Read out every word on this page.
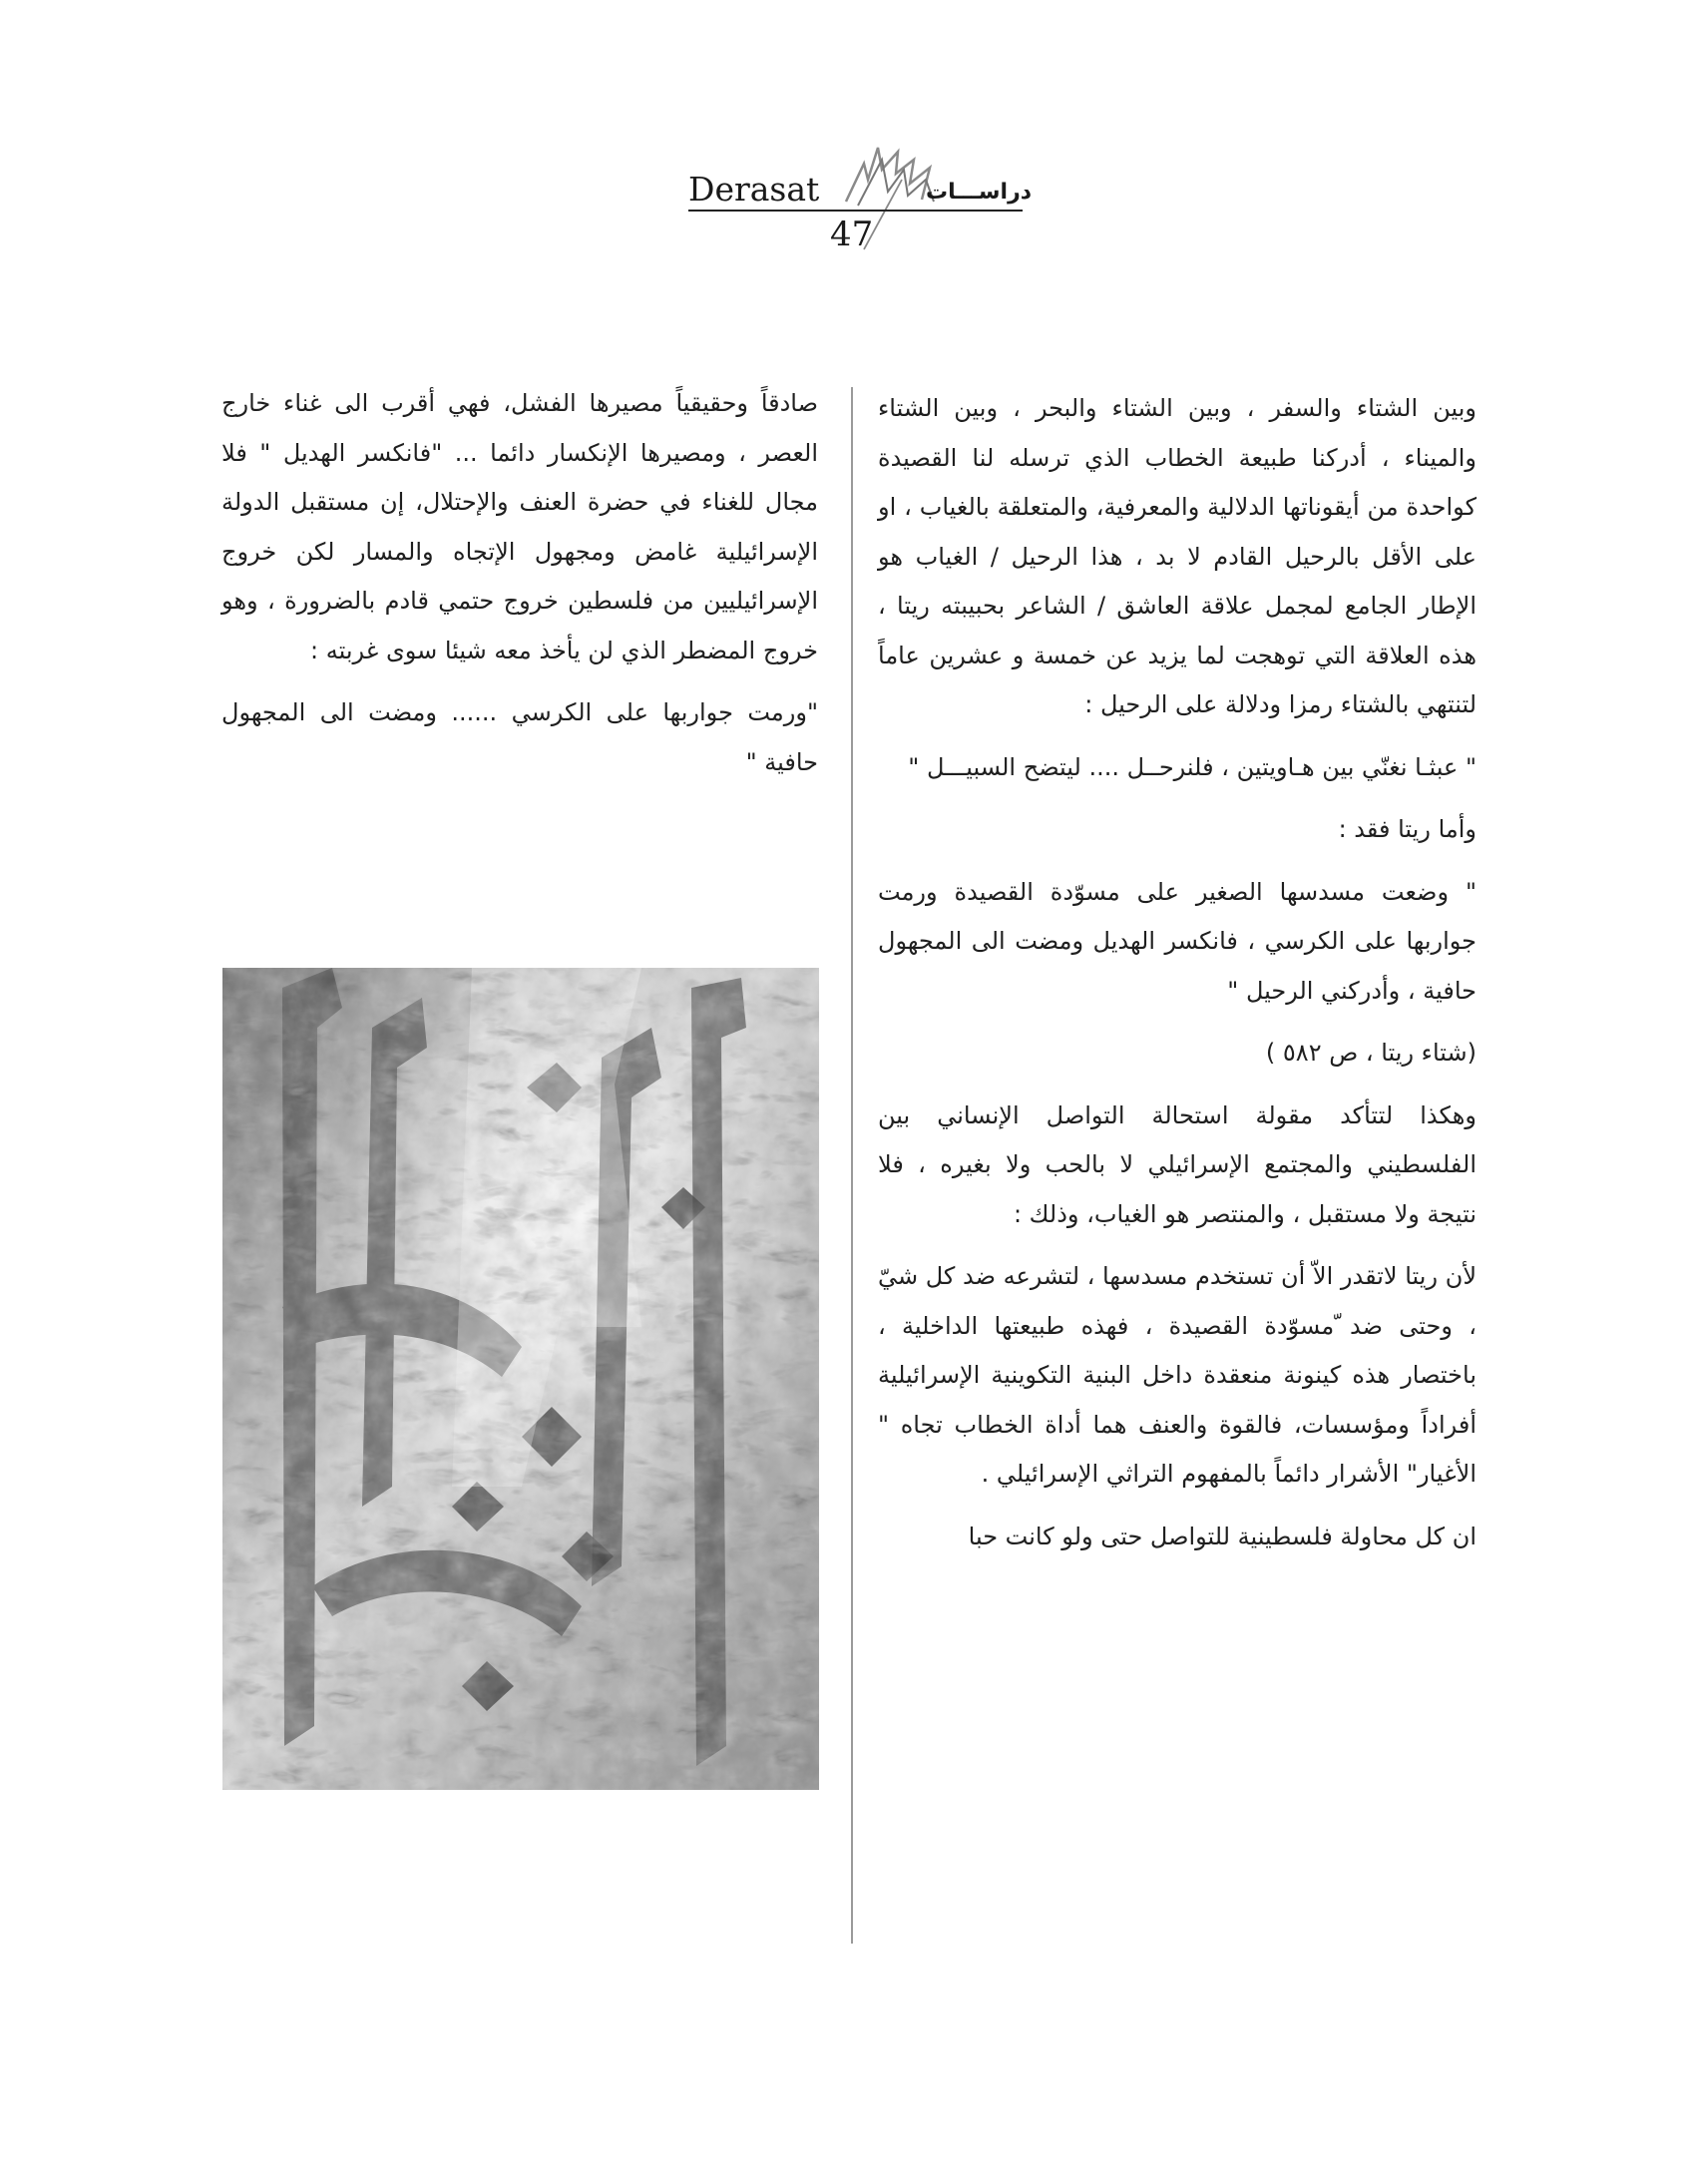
Derasat	دراســـات
47

وبين الشتاء والسفر ، وبين الشتاء والبحر ، وبين الشتاء والميناء ، أدركنا طبيعة الخطاب الذي ترسله لنا القصيدة كواحدة من أيقوناتها الدلالية والمعرفية، والمتعلقة بالغياب ، او على الأقل بالرحيل القادم لا بد ، هذا الرحيل / الغياب هو الإطار الجامع لمجمل علاقة العاشق / الشاعر بحبيبته ريتا ، هذه العلاقة التي توهجت لما يزيد عن خمسة و عشرين عاماً لتنتهي بالشتاء رمزا ودلالة على الرحيل :

" عبثـا نغنّي بين هـاويتين ، فلنرحــل .... ليتضح السبيـــل "

وأما ريتا فقد :

" وضعت مسدسها الصغير على مسوّدة القصيدة ورمت جواربها على الكرسي ، فانكسر الهديل ومضت الى المجهول حافية ، وأدركني الرحيل "

(شتاء ريتا ، ص ٥٨٢ )

وهكذا لتتأكد مقولة استحالة التواصل الإنساني بين الفلسطيني والمجتمع الإسرائيلي لا بالحب ولا بغيره ، فلا نتيجة ولا مستقبل ، والمنتصر هو الغياب، وذلك :

لأن ريتا لاتقدر الاّ أن تستخدم مسدسها ، لتشرعه ضد كل شيّ ، وحتى ضد ّمسوّدة القصيدة ، فهذه طبيعتها الداخلية ، باختصار هذه كينونة منعقدة داخل البنية التكوينية الإسرائيلية أفراداً ومؤسسات، فالقوة والعنف هما أداة الخطاب تجاه " الأغيار" الأشرار دائماً بالمفهوم التراثي الإسرائيلي .

ان كل محاولة فلسطينية للتواصل حتى ولو كانت حبا

صادقاً وحقيقياً مصيرها الفشل، فهي أقرب الى غناء خارج العصر ، ومصيرها الإنكسار دائما ... "فانكسر الهديل " فلا مجال للغناء في حضرة العنف والإحتلال، إن مستقبل الدولة الإسرائيلية غامض ومجهول الإتجاه والمسار لكن خروج الإسرائيليين من فلسطين خروج حتمي قادم بالضرورة ، وهو خروج المضطر الذي لن يأخذ معه شيئا سوى غربته :

"ورمت جواربها على الكرسي ...... ومضت الى المجهول حافية "
